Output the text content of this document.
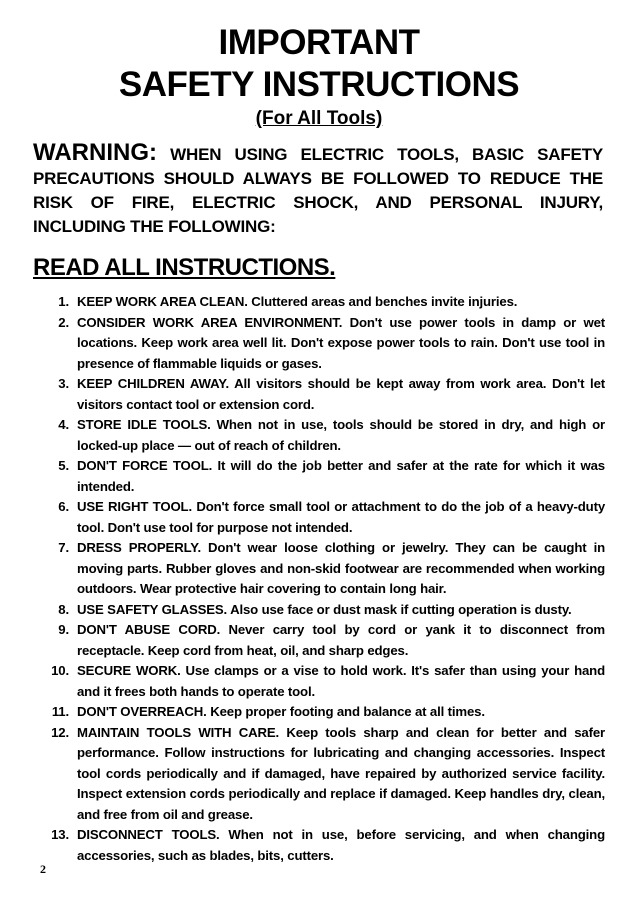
IMPORTANT
SAFETY INSTRUCTIONS
(For All Tools)
WARNING: WHEN USING ELECTRIC TOOLS, BASIC SAFETY PRECAUTIONS SHOULD ALWAYS BE FOLLOWED TO REDUCE THE RISK OF FIRE, ELECTRIC SHOCK, AND PERSONAL INJURY, INCLUDING THE FOLLOWING:
READ ALL INSTRUCTIONS.
1. KEEP WORK AREA CLEAN. Cluttered areas and benches invite injuries.
2. CONSIDER WORK AREA ENVIRONMENT. Don't use power tools in damp or wet locations. Keep work area well lit. Don't expose power tools to rain. Don't use tool in presence of flammable liquids or gases.
3. KEEP CHILDREN AWAY. All visitors should be kept away from work area. Don't let visitors contact tool or extension cord.
4. STORE IDLE TOOLS. When not in use, tools should be stored in dry, and high or locked-up place — out of reach of children.
5. DON'T FORCE TOOL. It will do the job better and safer at the rate for which it was intended.
6. USE RIGHT TOOL. Don't force small tool or attachment to do the job of a heavy-duty tool. Don't use tool for purpose not intended.
7. DRESS PROPERLY. Don't wear loose clothing or jewelry. They can be caught in moving parts. Rubber gloves and non-skid footwear are recommended when working outdoors. Wear protective hair covering to contain long hair.
8. USE SAFETY GLASSES. Also use face or dust mask if cutting operation is dusty.
9. DON'T ABUSE CORD. Never carry tool by cord or yank it to disconnect from receptacle. Keep cord from heat, oil, and sharp edges.
10. SECURE WORK. Use clamps or a vise to hold work. It's safer than using your hand and it frees both hands to operate tool.
11. DON'T OVERREACH. Keep proper footing and balance at all times.
12. MAINTAIN TOOLS WITH CARE. Keep tools sharp and clean for better and safer performance. Follow instructions for lubricating and changing accessories. Inspect tool cords periodically and if damaged, have repaired by authorized service facility. Inspect extension cords periodically and replace if damaged. Keep handles dry, clean, and free from oil and grease.
13. DISCONNECT TOOLS. When not in use, before servicing, and when changing accessories, such as blades, bits, cutters.
2
